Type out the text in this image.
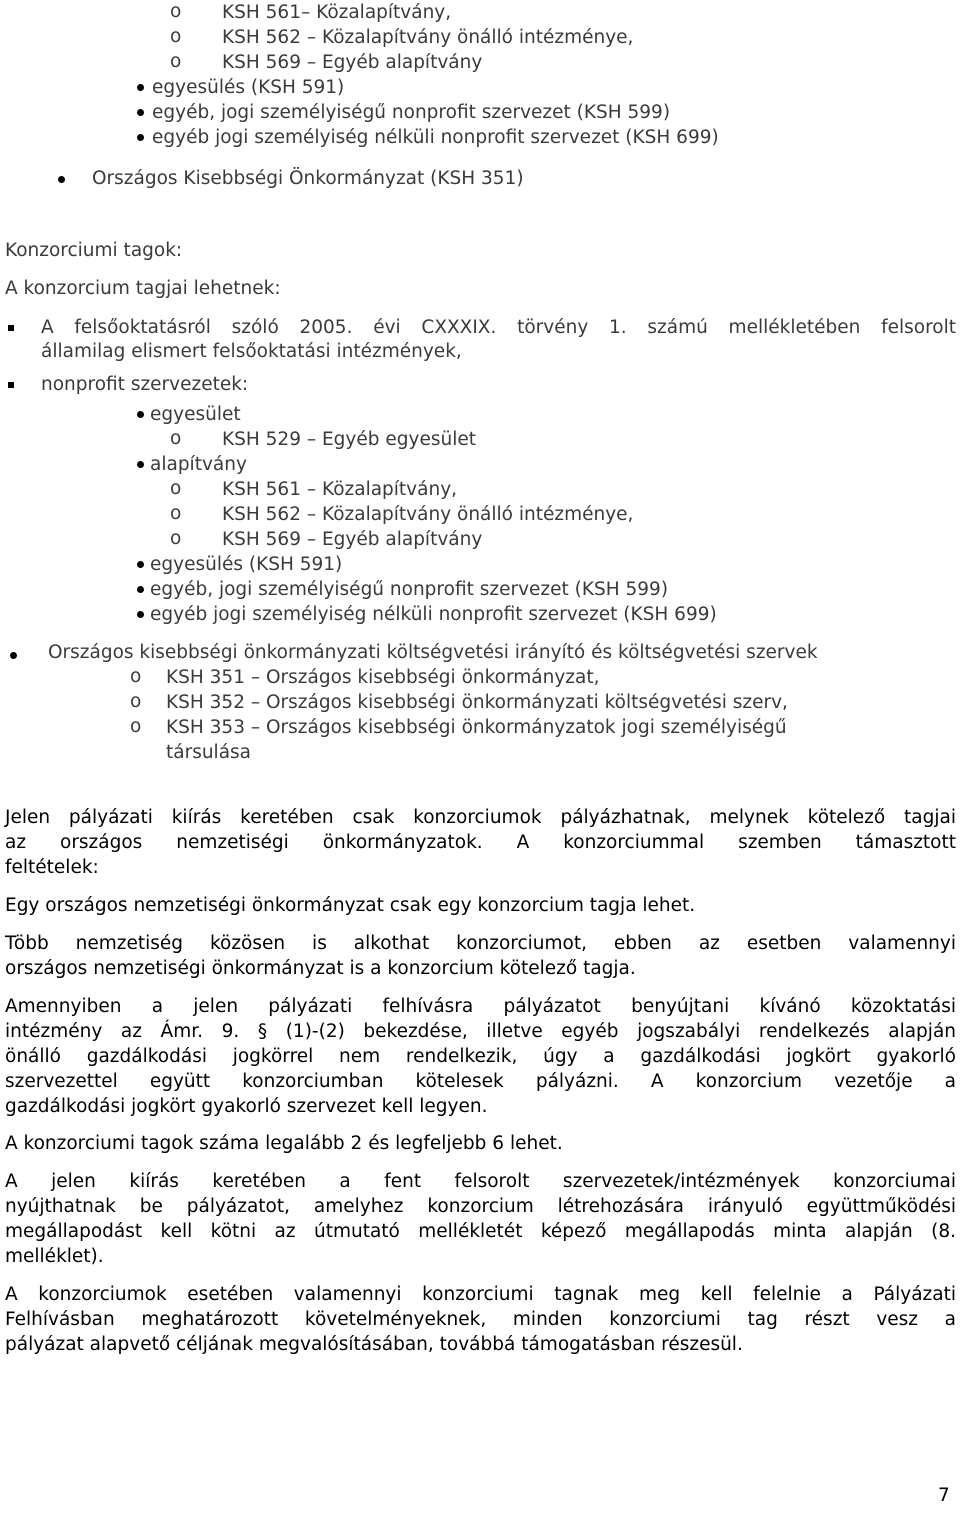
o KSH 561– Közalapítvány,
o KSH 562 – Közalapítvány önálló intézménye,
o KSH 569 – Egyéb alapítvány
egyesülés (KSH 591)
egyéb, jogi személyiségű nonprofit szervezet (KSH 599)
egyéb jogi személyiség nélküli nonprofit szervezet (KSH 699)
Országos Kisebbségi Önkormányzat (KSH 351)
Konzorciumi tagok:
A konzorcium tagjai lehetnek:
A felsőoktatásról szóló 2005. évi CXXXIX. törvény 1. számú mellékletében felsorolt
államilag elismert felsőoktatási intézmények,
nonprofit szervezetek:
egyesület
o KSH 529 – Egyéb egyesület
alapítvány
o KSH 561 – Közalapítvány,
o KSH 562 – Közalapítvány önálló intézménye,
o KSH 569 – Egyéb alapítvány
egyesülés (KSH 591)
egyéb, jogi személyiségű nonprofit szervezet (KSH 599)
egyéb jogi személyiség nélküli nonprofit szervezet (KSH 699)
Országos kisebbségi önkormányzati költségvetési irányító és költségvetési szervek
o KSH 351 – Országos kisebbségi önkormányzat,
o KSH 352 – Országos kisebbségi önkormányzati költségvetési szerv,
o KSH 353 – Országos kisebbségi önkormányzatok jogi személyiségű
társulása
Jelen pályázati kiírás keretében csak konzorciumok pályázhatnak, melynek kötelező tagjai
az országos nemzetiségi önkormányzatok. A konzorciummal szemben támasztott
feltételek:
Egy országos nemzetiségi önkormányzat csak egy konzorcium tagja lehet.
Több nemzetiség közösen is alkothat konzorciumot, ebben az esetben valamennyi
országos nemzetiségi önkormányzat is a konzorcium kötelező tagja.
Amennyiben a jelen pályázati felhívásra pályázatot benyújtani kívánó közoktatási
intézmény az Ámr. 9. § (1)-(2) bekezdése, illetve egyéb jogszabályi rendelkezés alapján
önálló gazdálkodási jogkörrel nem rendelkezik, úgy a gazdálkodási jogkört gyakorló
szervezettel együtt konzorciumban kötelesek pályázni. A konzorcium vezetője a
gazdálkodási jogkört gyakorló szervezet kell legyen.
A konzorciumi tagok száma legalább 2 és legfeljebb 6 lehet.
A jelen kiírás keretében a fent felsorolt szervezetek/intézmények konzorciumai
nyújthatnak be pályázatot, amelyhez konzorcium létrehozására irányuló együttműködési
megállapodást kell kötni az útmutató mellékletét képező megállapodás minta alapján (8.
melléklet).
A konzorciumok esetében valamennyi konzorciumi tagnak meg kell felelnie a Pályázati
Felhívásban meghatározott követelményeknek, minden konzorciumi tag részt vesz a
pályázat alapvető céljának megvalósításában, továbbá támogatásban részesül.
7
